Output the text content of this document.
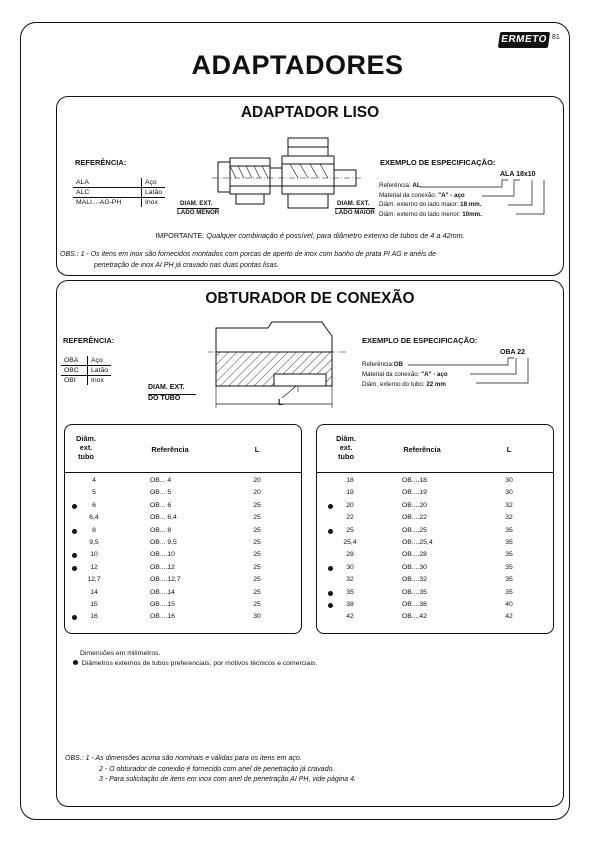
81
ERMETO
ADAPTADORES
ADAPTADOR LISO
REFERÊNCIA:
ALA	Aço
ALC	Latão
MALI...-AG-PH	Inox	DIAM. EXT.
LADO MENOR
DIAM. EXT.
LADO MAIOR
EXEMPLO DE ESPECIFICAÇÃO:
ALA 18x10
Referência: AL
Material da conexão: "A" - aço
Diâm. externo do lado maior: 18 mm.
Diâm. externo do lado menor: 10mm.
IMPORTANTE: Qualquer combinação é possível, para diâmetro externo de tubos de 4 a 42mm.
OBS.: 1 - Os itens em inox são fornecidos montados com porcas de aperto de inox com banho de prata PI AG e anéis de
penetração de inox AI PH já cravado nas duas pontas lisas.
OBTURADOR DE CONEXÃO
REFERÊNCIA:
OBA	Aço
OBC	Latão
OBI	Inox
DIAM. EXT.
DO TUBO	L
EXEMPLO DE ESPECIFICAÇÃO:
OBA 22
Referência:OB
Material da conexão: "A" - aço
Diâm. externo do tubo: 22 mm
Diâm.
ext.
tubo
Referência	L
4	OB... 4	20
5	OB... 5	20
6	OB... 6	25
6,4	OB... 6,4	25
8	OB... 8	25
9,5	OB... 9,5	25
10	OB....10	25
12	OB....12	25
12,7	OB....12,7	25
14	OB....14	25
15	OB....15	25
16	OB....16	30
Diâm.
ext.
tubo
Referência	L
18	OB....18	30
19	OB....19	30
20	OB....20	32
22	OB....22	32
25	OB....25	35
25,4	OB....25,4	35
28	OB....28	35
30	OB....30	35
32	OB....32	35
35	OB....35	35
38	OB....38	40
42	OB....42	42
Dimensões em milímetros.
Diâmetros externos de tubos preferenciais, por motivos técnicos e comerciais.
OBS.: 1 - As dimensões acima são nominais e válidas para os itens em aço.
2 - O obturador de conexão é fornecido com anel de penetração já cravado.
3 - Para solicitação de itens em inox com anel de penetração AI PH, vide página 4.
